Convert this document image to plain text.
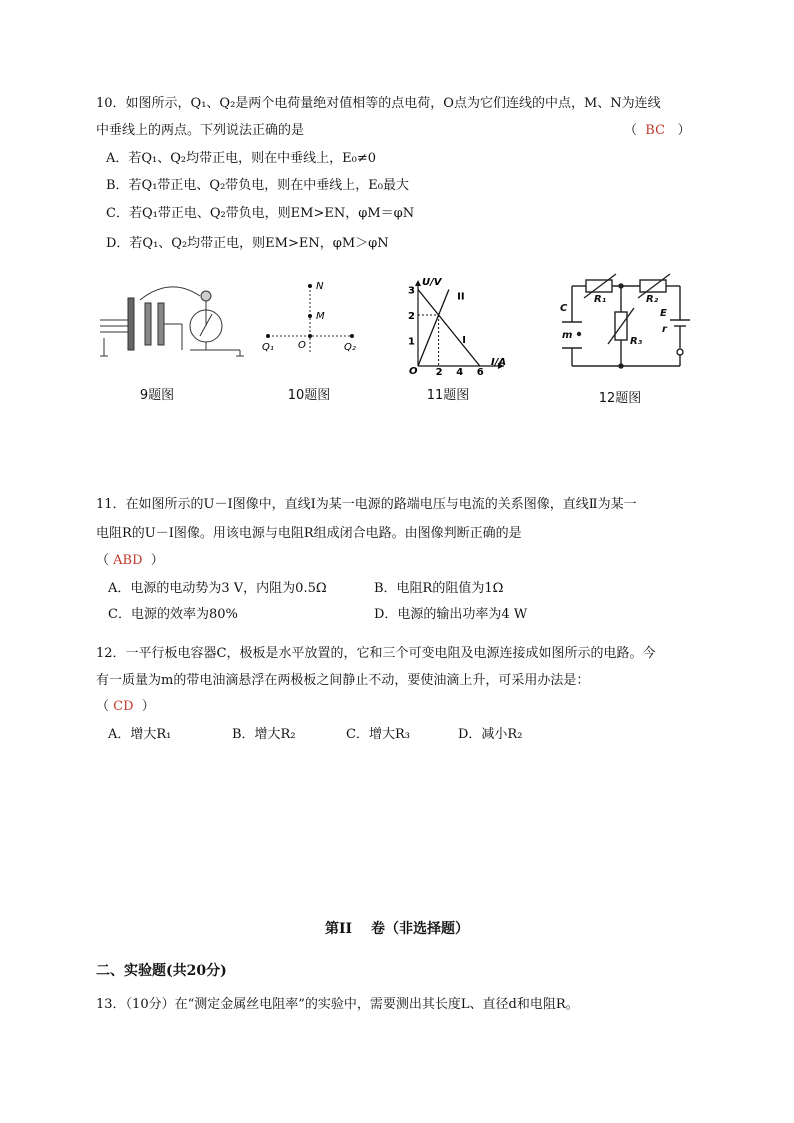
10．如图所示，Q₁、Q₂是两个电荷量绝对值相等的点电荷，O点为它们连线的中点，M、N为连线
中垂线上的两点。下列说法正确的是	（ BC ）
A．若Q₁、Q₂均带正电，则在中垂线上，E₀≠0
B．若Q₁带正电、Q₂带负电，则在中垂线上，E₀最大
C．若Q₁带正电、Q₂带负电，则EM>EN，φM＝φN
D．若Q₁、Q₂均带正电，则EM>EN，φM＞φN
N
M
O
Q₁	Q₂
U/V
I/A
O
I
II
1
2
3
2 4 6
C
R₁	R₂
R₃
E
r
m
9题图	10题图	11题图	12题图
11．在如图所示的U－I图像中，直线Ⅰ为某一电源的路端电压与电流的关系图像，直线Ⅱ为某一
电阻R的U－I图像。用该电源与电阻R组成闭合电路。由图像判断正确的是
（ ABD ）
A．电源的电动势为3 V，内阻为0.5Ω	B．电阻R的阻值为1Ω
C．电源的效率为80%	D．电源的输出功率为4 W
12．一平行板电容器C，极板是水平放置的，它和三个可变电阻及电源连接成如图所示的电路。今
有一质量为m的带电油滴悬浮在两极板之间静止不动，要使油滴上升，可采用办法是：
（ CD ）
A．增大R₁	B．增大R₂	C．增大R₃	D．减小R₂
第II　 卷（非选择题）
二、实验题(共20分)
13．（10分）在“测定金属丝电阻率”的实验中，需要测出其长度L、直径d和电阻R。
